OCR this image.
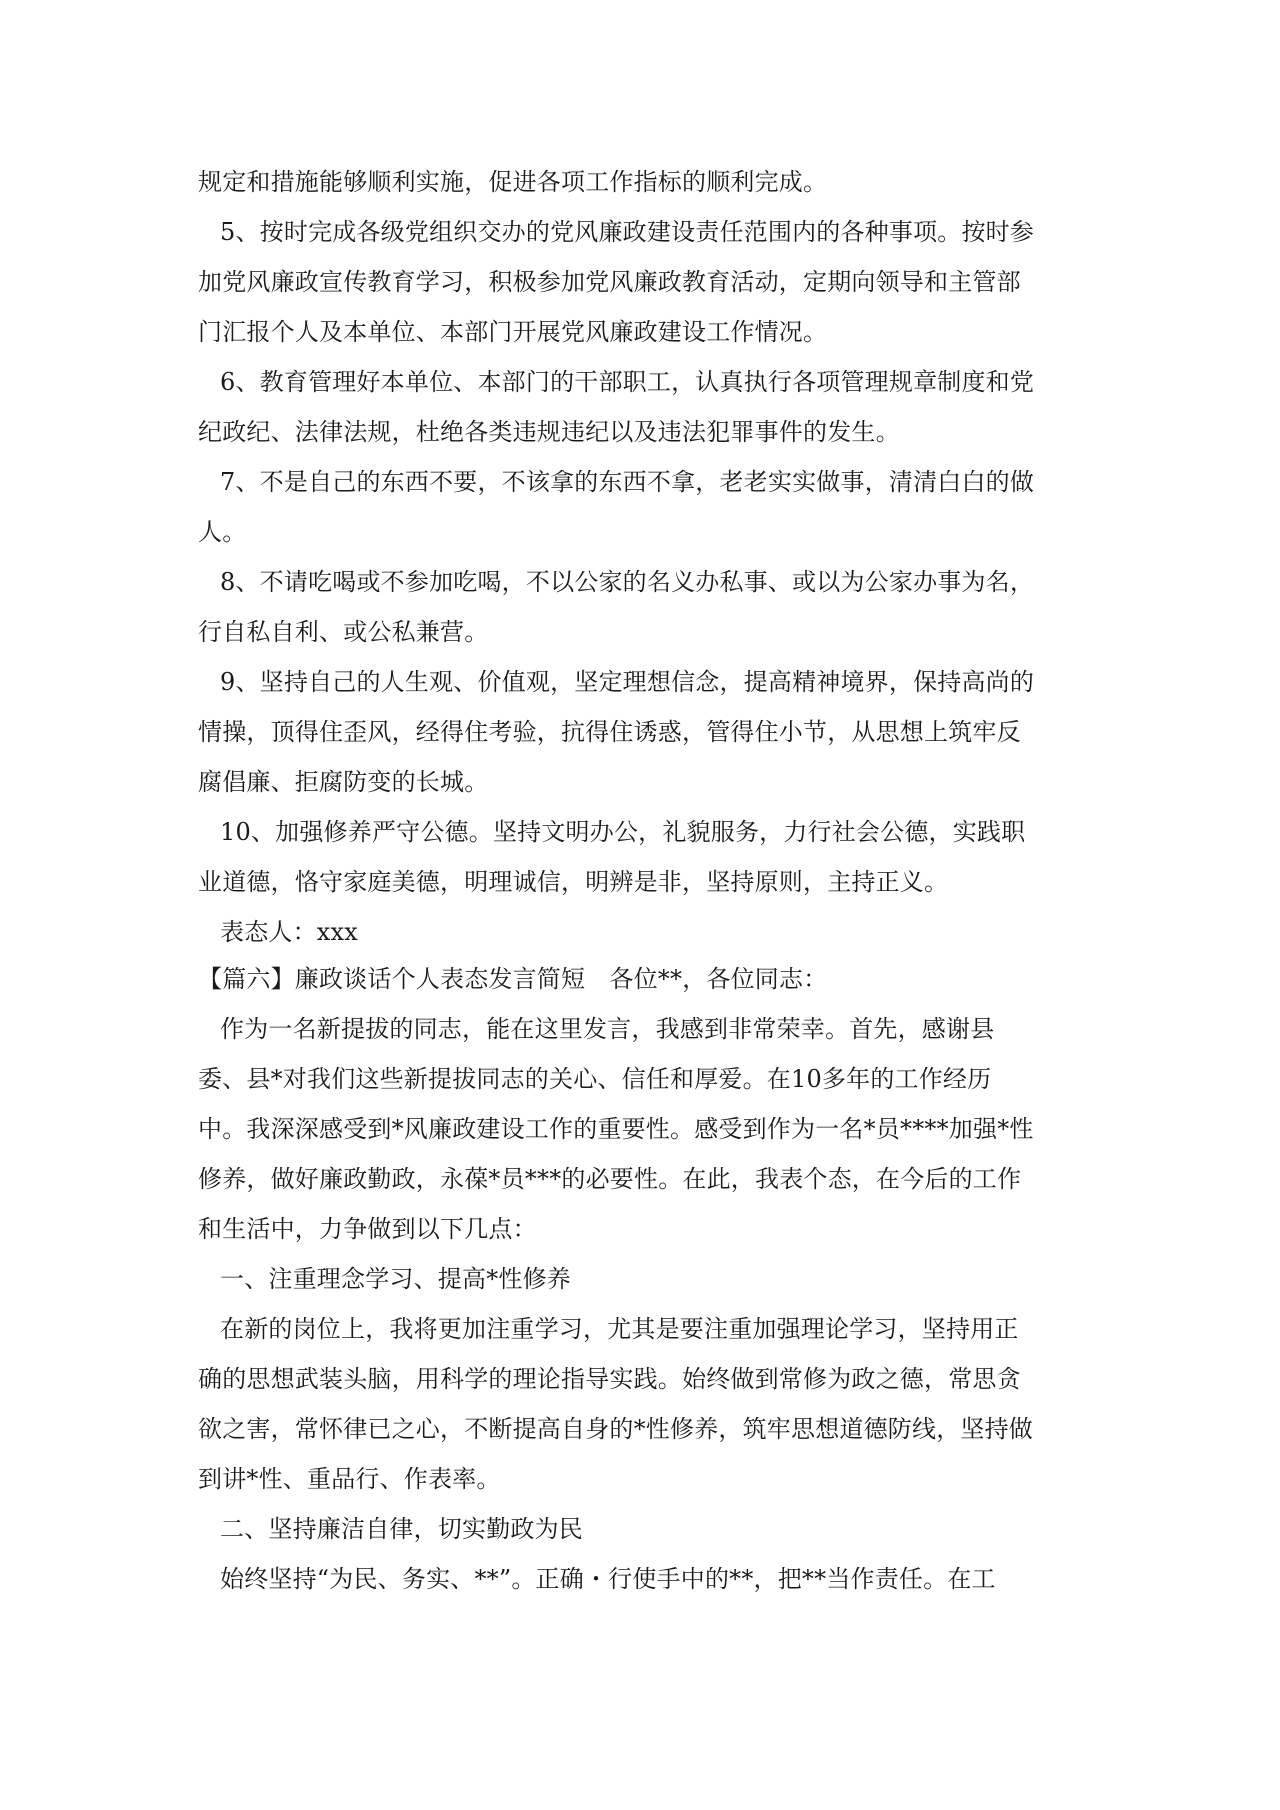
规定和措施能够顺利实施，促进各项工作指标的顺利完成。
5、按时完成各级党组织交办的党风廉政建设责任范围内的各种事项。按时参
加党风廉政宣传教育学习，积极参加党风廉政教育活动，定期向领导和主管部
门汇报个人及本单位、本部门开展党风廉政建设工作情况。
6、教育管理好本单位、本部门的干部职工，认真执行各项管理规章制度和党
纪政纪、法律法规，杜绝各类违规违纪以及违法犯罪事件的发生。
7、不是自己的东西不要，不该拿的东西不拿，老老实实做事，清清白白的做
人。
8、不请吃喝或不参加吃喝，不以公家的名义办私事、或以为公家办事为名，
行自私自利、或公私兼营。
9、坚持自己的人生观、价值观，坚定理想信念，提高精神境界，保持高尚的
情操，顶得住歪风，经得住考验，抗得住诱惑，管得住小节，从思想上筑牢反
腐倡廉、拒腐防变的长城。
10、加强修养严守公德。坚持文明办公，礼貌服务，力行社会公德，实践职
业道德，恪守家庭美德，明理诚信，明辨是非，坚持原则，主持正义。
表态人：xxx
【篇六】廉政谈话个人表态发言简短　各位**，各位同志：
作为一名新提拔的同志，能在这里发言，我感到非常荣幸。首先，感谢县
委、县*对我们这些新提拔同志的关心、信任和厚爱。在10多年的工作经历
中。我深深感受到*风廉政建设工作的重要性。感受到作为一名*员****加强*性
修养，做好廉政勤政，永葆*员***的必要性。在此，我表个态，在今后的工作
和生活中，力争做到以下几点：
一、注重理念学习、提高*性修养
在新的岗位上，我将更加注重学习，尤其是要注重加强理论学习，坚持用正
确的思想武装头脑，用科学的理论指导实践。始终做到常修为政之德，常思贪
欲之害，常怀律已之心，不断提高自身的*性修养，筑牢思想道德防线，坚持做
到讲*性、重品行、作表率。
二、坚持廉洁自律，切实勤政为民
始终坚持“为民、务实、**”。正确・行使手中的**，把**当作责任。在工
